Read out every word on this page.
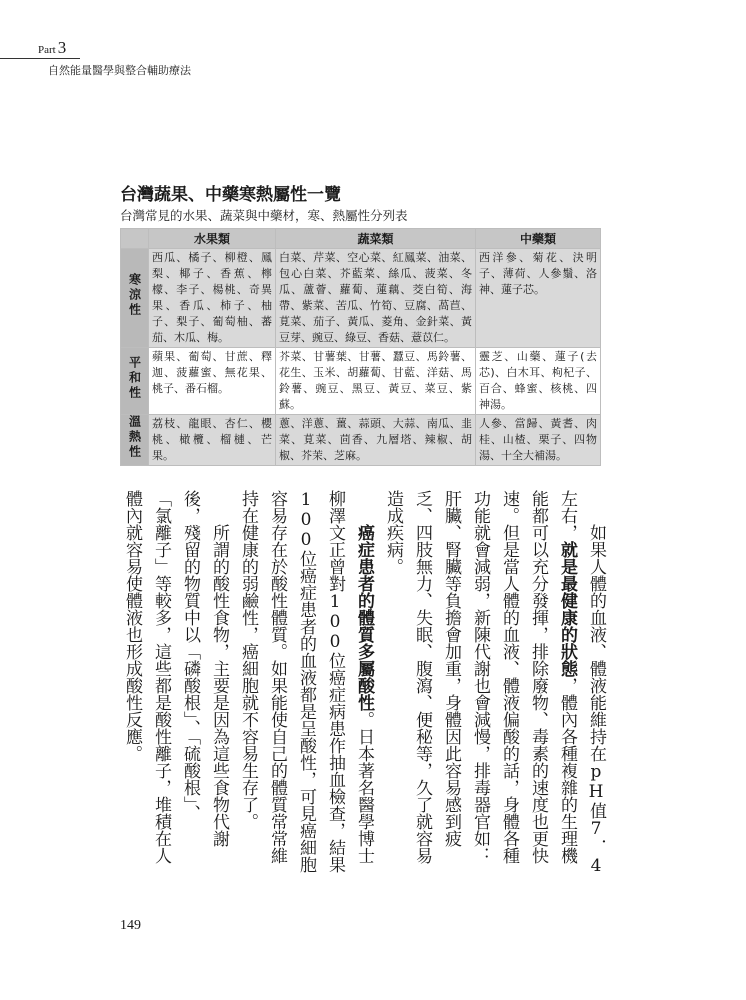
Part 3
自然能量醫學與整合輔助療法
台灣蔬果、中藥寒熱屬性一覽
台灣常見的水果、蔬菜與中藥材，寒、熱屬性分列表
	水果類	蔬菜類	中藥類
寒涼性	西瓜、橘子、柳橙、鳳梨、椰子、香蕉、檸檬、李子、楊桃、奇異果、香瓜、柿子、柚子、梨子、葡萄柚、蕃茄、木瓜、梅。	白菜、芹菜、空心菜、紅鳳菜、油菜、包心白菜、芥藍菜、絲瓜、菠菜、冬瓜、蘆薈、蘿蔔、蓮藕、茭白筍、海帶、紫菜、苦瓜、竹筍、豆腐、萵苣、莧菜、茄子、黃瓜、菱角、金針菜、黃豆芽、豌豆、綠豆、香菇、薏苡仁。	西洋參、菊花、決明子、薄荷、人參鬚、洛神、蓮子芯。
平和性	蘋果、葡萄、甘蔗、釋迦、菠蘿蜜、無花果、桃子、番石榴。	芥菜、甘薯葉、甘薯、蠶豆、馬鈴薯、花生、玉米、胡蘿蔔、甘藍、洋菇、馬鈴薯、豌豆、黑豆、黃豆、菜豆、紫蘇。	靈芝、山藥、蓮子(去芯)、白木耳、枸杞子、百合、蜂蜜、核桃、四神湯。
溫熱性	荔枝、龍眼、杏仁、櫻桃、橄欖、榴槤、芒果。	蔥、洋蔥、薑、蒜頭、大蒜、南瓜、韭菜、莧菜、茴香、九層塔、辣椒、胡椒、芥茉、芝麻。	人參、當歸、黃耆、肉桂、山楂、栗子、四物湯、十全大補湯。

如果人體的血液、體液能維持在pH值7．4

左右，就是最健康的狀態，體內各種複雜的生理機

能都可以充分發揮，排除廢物、毒素的速度也更快

速。但是當人體的血液、體液偏酸的話，身體各種

功能就會減弱，新陳代謝也會減慢，排毒器官如：

肝臟、腎臟等負擔會加重，身體因此容易感到疲

乏、四肢無力、失眠、腹瀉、便秘等，久了就容易

造成疾病。

癌症患者的體質多屬酸性。日本著名醫學博士

柳澤文正曾對100位癌症病患作抽血檢查，結果

100位癌症患者的血液都是呈酸性，可見癌細胞

容易存在於酸性體質。如果能使自己的體質常常維

持在健康的弱鹼性，癌細胞就不容易生存了。

所謂的酸性食物，主要是因為這些食物代謝

後，殘留的物質中以「磷酸根」、「硫酸根」、

「氯離子」等較多，這些都是酸性離子，堆積在人

體內就容易使體液也形成酸性反應。

149
